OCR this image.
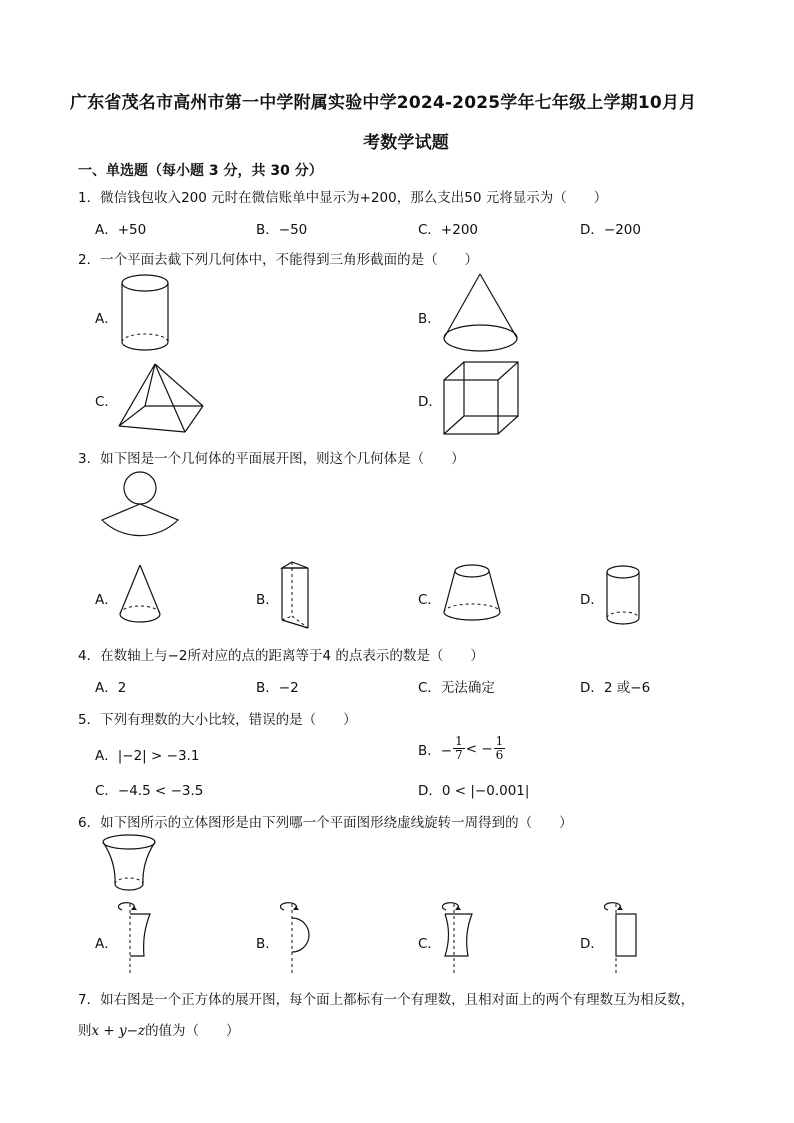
广东省茂名市高州市第一中学附属实验中学2024-2025学年七年级上学期10月月
考数学试题
一、单选题（每小题 3 分，共 30 分）
1．微信钱包收入200 元时在微信账单中显示为+200，那么支出50 元将显示为（　　）
A．+50	B．−50	C．+200	D．−200
2．一个平面去截下列几何体中，不能得到三角形截面的是（　　）
A．	B．
C．	D．
3．如下图是一个几何体的平面展开图，则这个几何体是（　　）
A．	B．	C．	D．
4．在数轴上与−2所对应的点的距离等于4 的点表示的数是（　　）
A．2	B．−2	C．无法确定	D．2 或−6
5．下列有理数的大小比较，错误的是（　　）
A．|−2| > −3.1	B．− $\frac{1}{7}$ < − $\frac{1}{6}$
C．−4.5 < −3.5	D．0 < |−0.001|
6．如下图所示的立体图形是由下列哪一个平面图形绕虚线旋转一周得到的（　　）
A．	B．	C．	D．
7．如右图是一个正方体的展开图，每个面上都标有一个有理数，且相对面上的两个有理数互为相反数，
则x + y−z的值为（　　）
